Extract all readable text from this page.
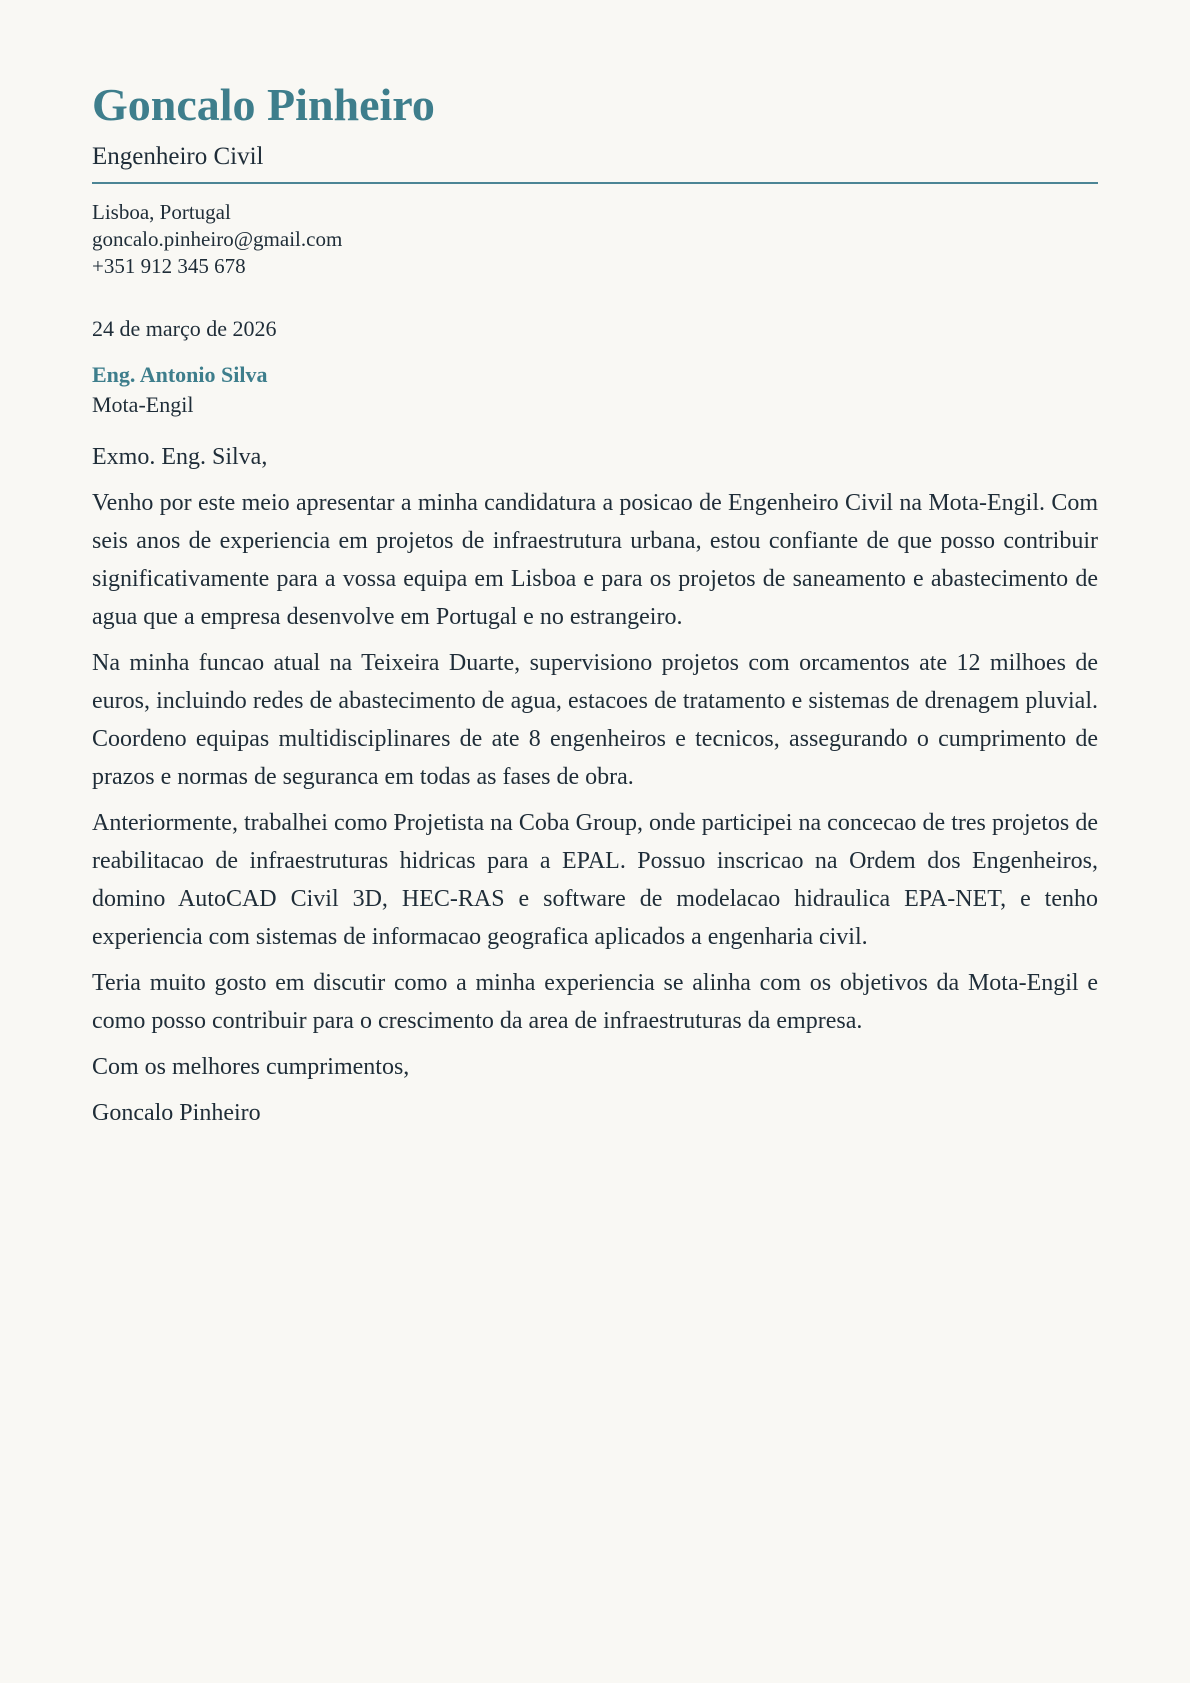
Goncalo Pinheiro
Engenheiro Civil
Lisboa, Portugal
goncalo.pinheiro@gmail.com
+351 912 345 678
24 de março de 2026
Eng. Antonio Silva
Mota-Engil

Exmo. Eng. Silva,

Venho por este meio apresentar a minha candidatura a posicao de Engenheiro Civil na Mota-Engil. Com seis anos de experiencia em projetos de infraestrutura urbana, estou confiante de que posso contribuir significativamente para a vossa equipa em Lisboa e para os projetos de saneamento e abastecimento de agua que a empresa desenvolve em Portugal e no estrangeiro.

Na minha funcao atual na Teixeira Duarte, supervisiono projetos com orcamentos ate 12 milhoes de euros, incluindo redes de abastecimento de agua, estacoes de tratamento e sistemas de drenagem pluvial. Coordeno equipas multidisciplinares de ate 8 engenheiros e tecnicos, assegurando o cumprimento de prazos e normas de seguranca em todas as fases de obra.

Anteriormente, trabalhei como Projetista na Coba Group, onde participei na concecao de tres projetos de reabilitacao de infraestruturas hidricas para a EPAL. Possuo inscricao na Ordem dos Engenheiros, domino AutoCAD Civil 3D, HEC-RAS e software de modelacao hidraulica EPA-NET, e tenho experiencia com sistemas de informacao geografica aplicados a engenharia civil.

Teria muito gosto em discutir como a minha experiencia se alinha com os objetivos da Mota-Engil e como posso contribuir para o crescimento da area de infraestruturas da empresa.

Com os melhores cumprimentos,

Goncalo Pinheiro
